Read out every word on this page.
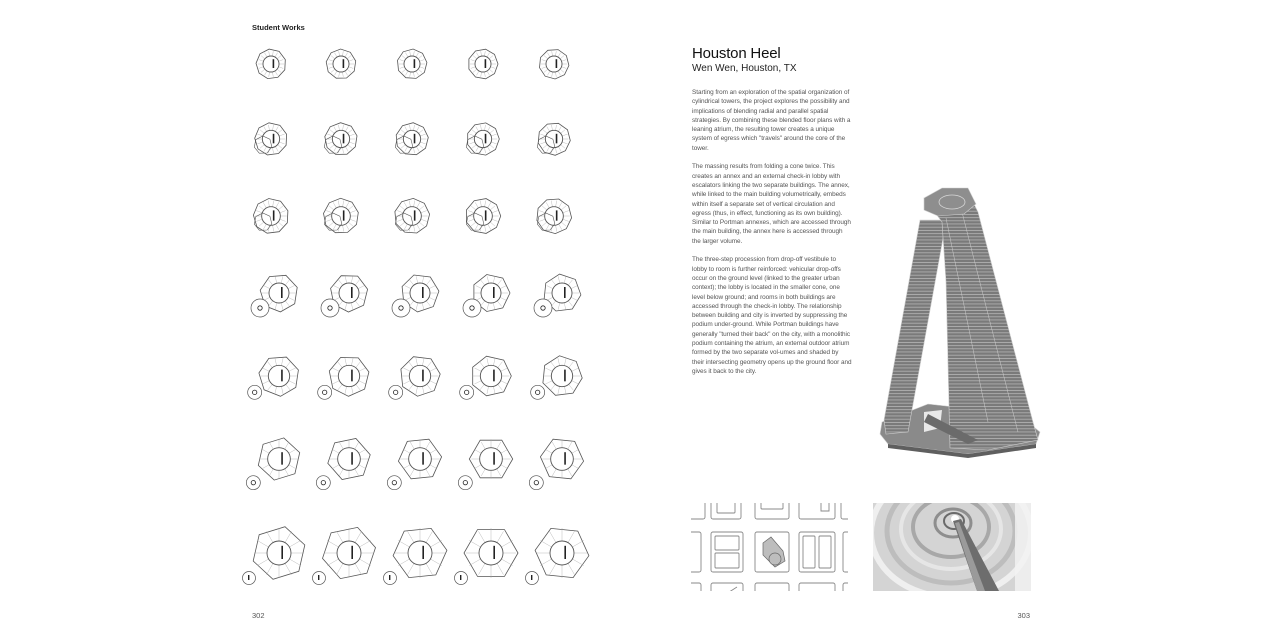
Student Works
302
Houston Heel
Wen Wen, Houston, TX

Starting from an exploration of the spatial organization of cylindrical towers, the project explores the possibility and implications of blending radial and parallel spatial strategies. By combining these blended floor plans with a leaning atrium, the resulting tower creates a unique system of egress which "travels" around the core of the tower.

The massing results from folding a cone twice. This creates an annex and an external check-in lobby with escalators linking the two separate buildings. The annex, while linked to the main building volumetrically, embeds within itself a separate set of vertical circulation and egress (thus, in effect, functioning as its own building). Similar to Portman annexes, which are accessed through the main building, the annex here is accessed through the larger volume.

The three-step procession from drop-off vestibule to lobby to room is further reinforced: vehicular drop-offs occur on the ground level (linked to the greater urban context); the lobby is located in the smaller cone, one level below ground; and rooms in both buildings are accessed through the check-in lobby. The relationship between building and city is inverted by suppressing the podium under-ground. While Portman buildings have generally "turned their back" on the city, with a monolithic podium containing the atrium, an external outdoor atrium formed by the two separate vol-umes and shaded by their intersecting geometry opens up the ground floor and gives it back to the city.

303
